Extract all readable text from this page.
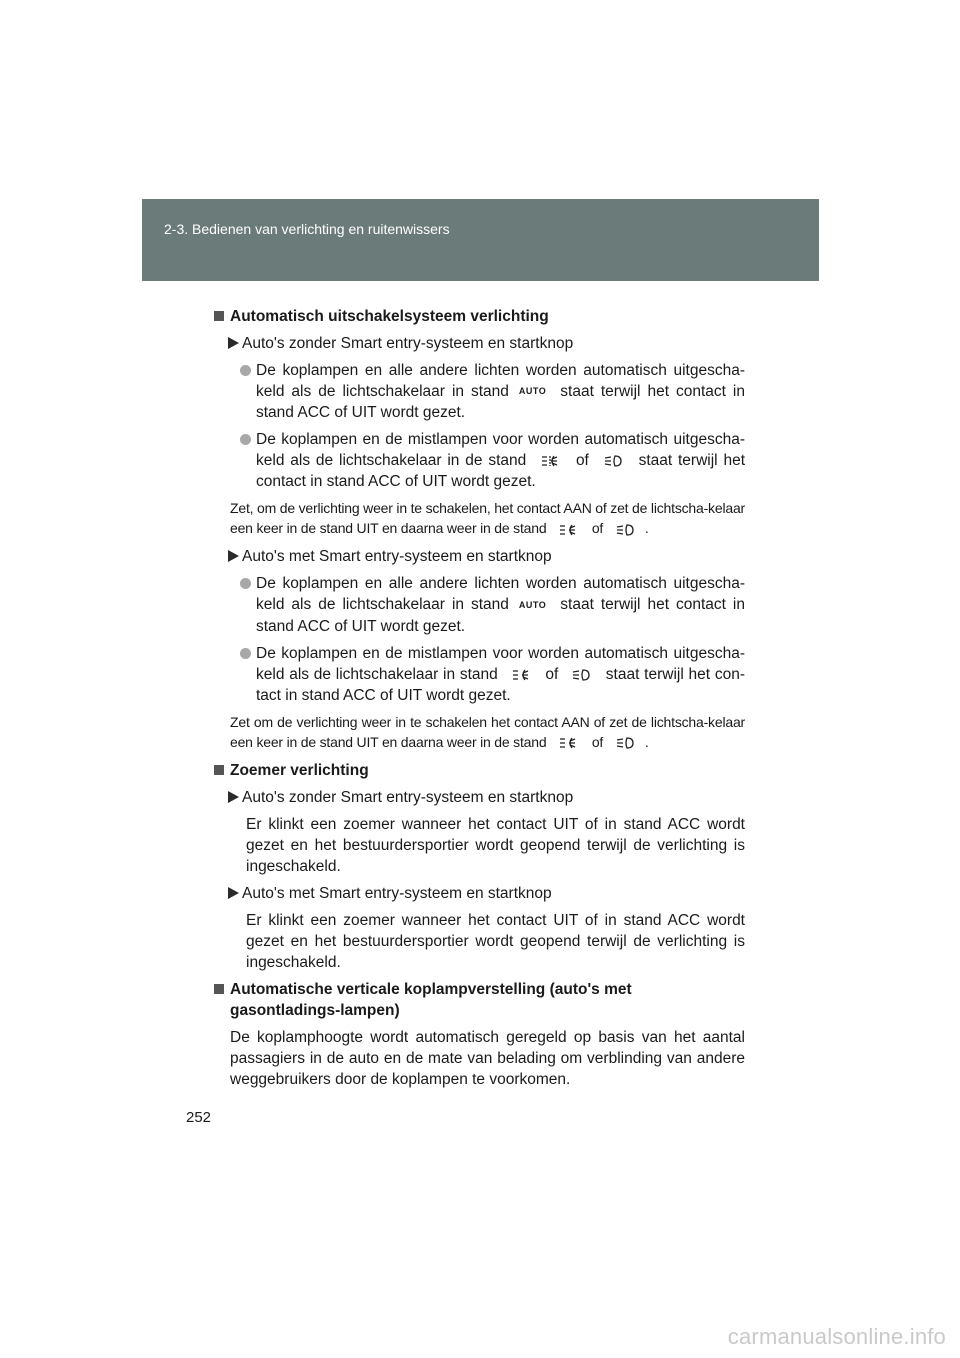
2-3. Bedienen van verlichting en ruitenwissers
Automatisch uitschakelsysteem verlichting
Auto's zonder Smart entry-systeem en startknop
De koplampen en alle andere lichten worden automatisch uitgescha-keld als de lichtschakelaar in stand AUTO staat terwijl het contact in stand ACC of UIT wordt gezet.
De koplampen en de mistlampen voor worden automatisch uitgescha-keld als de lichtschakelaar in de stand	of	staat terwijl het contact in stand ACC of UIT wordt gezet.
Zet, om de verlichting weer in te schakelen, het contact AAN of zet de lichtscha-kelaar een keer in de stand UIT en daarna weer in de stand	of	.
Auto's met Smart entry-systeem en startknop
De koplampen en alle andere lichten worden automatisch uitgescha-keld als de lichtschakelaar in stand AUTO staat terwijl het contact in stand ACC of UIT wordt gezet.
De koplampen en de mistlampen voor worden automatisch uitgescha-keld als de lichtschakelaar in stand	of	staat terwijl het con-tact in stand ACC of UIT wordt gezet.
Zet om de verlichting weer in te schakelen het contact AAN of zet de lichtscha-kelaar een keer in de stand UIT en daarna weer in de stand	of	.
Zoemer verlichting
Auto's zonder Smart entry-systeem en startknop
Er klinkt een zoemer wanneer het contact UIT of in stand ACC wordt gezet en het bestuurdersportier wordt geopend terwijl de verlichting is ingeschakeld.
Auto's met Smart entry-systeem en startknop
Er klinkt een zoemer wanneer het contact UIT of in stand ACC wordt gezet en het bestuurdersportier wordt geopend terwijl de verlichting is ingeschakeld.
Automatische verticale koplampverstelling (auto's met gasontladings-lampen)
De koplamphoogte wordt automatisch geregeld op basis van het aantal passagiers in de auto en de mate van belading om verblinding van andere weggebruikers door de koplampen te voorkomen.
252
carmanualsonline.info
